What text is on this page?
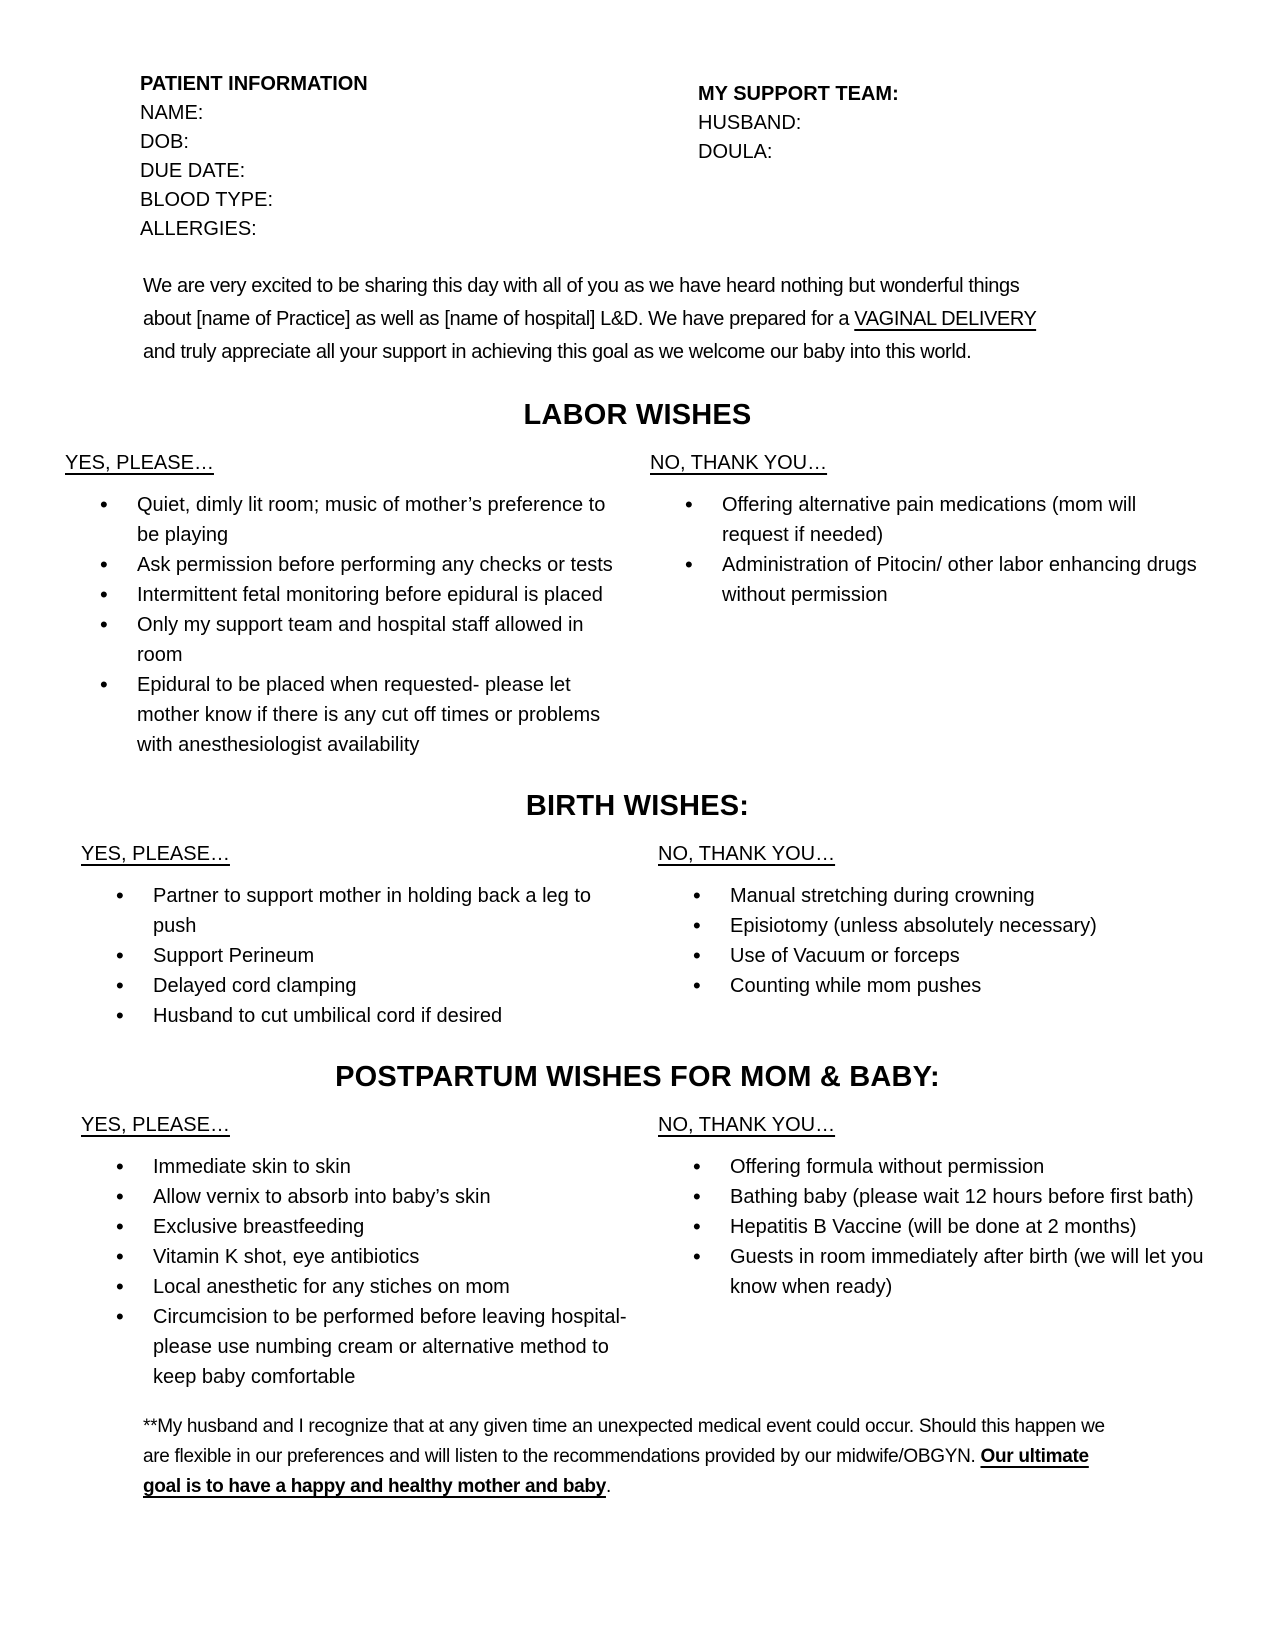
PATIENT INFORMATION
NAME:
DOB:
DUE DATE:
BLOOD TYPE:
ALLERGIES:
MY SUPPORT TEAM:
HUSBAND:
DOULA:

We are very excited to be sharing this day with all of you as we have heard nothing but wonderful things about [name of Practice] as well as [name of hospital] L&D. We have prepared for a VAGINAL DELIVERY and truly appreciate all your support in achieving this goal as we welcome our baby into this world.

LABOR WISHES
YES, PLEASE…
• Quiet, dimly lit room; music of mother’s preference to be playing
• Ask permission before performing any checks or tests
• Intermittent fetal monitoring before epidural is placed
• Only my support team and hospital staff allowed in room
• Epidural to be placed when requested- please let mother know if there is any cut off times or problems with anesthesiologist availability
NO, THANK YOU…
• Offering alternative pain medications (mom will request if needed)
• Administration of Pitocin/ other labor enhancing drugs without permission
BIRTH WISHES:
YES, PLEASE…
• Partner to support mother in holding back a leg to push
• Support Perineum
• Delayed cord clamping
• Husband to cut umbilical cord if desired
NO, THANK YOU…
• Manual stretching during crowning
• Episiotomy (unless absolutely necessary)
• Use of Vacuum or forceps
• Counting while mom pushes
POSTPARTUM WISHES FOR MOM & BABY:
YES, PLEASE…
• Immediate skin to skin
• Allow vernix to absorb into baby’s skin
• Exclusive breastfeeding
• Vitamin K shot, eye antibiotics
• Local anesthetic for any stiches on mom
• Circumcision to be performed before leaving hospital- please use numbing cream or alternative method to keep baby comfortable
NO, THANK YOU…
• Offering formula without permission
• Bathing baby (please wait 12 hours before first bath)
• Hepatitis B Vaccine (will be done at 2 months)
• Guests in room immediately after birth (we will let you know when ready)

**My husband and I recognize that at any given time an unexpected medical event could occur. Should this happen we are flexible in our preferences and will listen to the recommendations provided by our midwife/OBGYN. Our ultimate goal is to have a happy and healthy mother and baby.
